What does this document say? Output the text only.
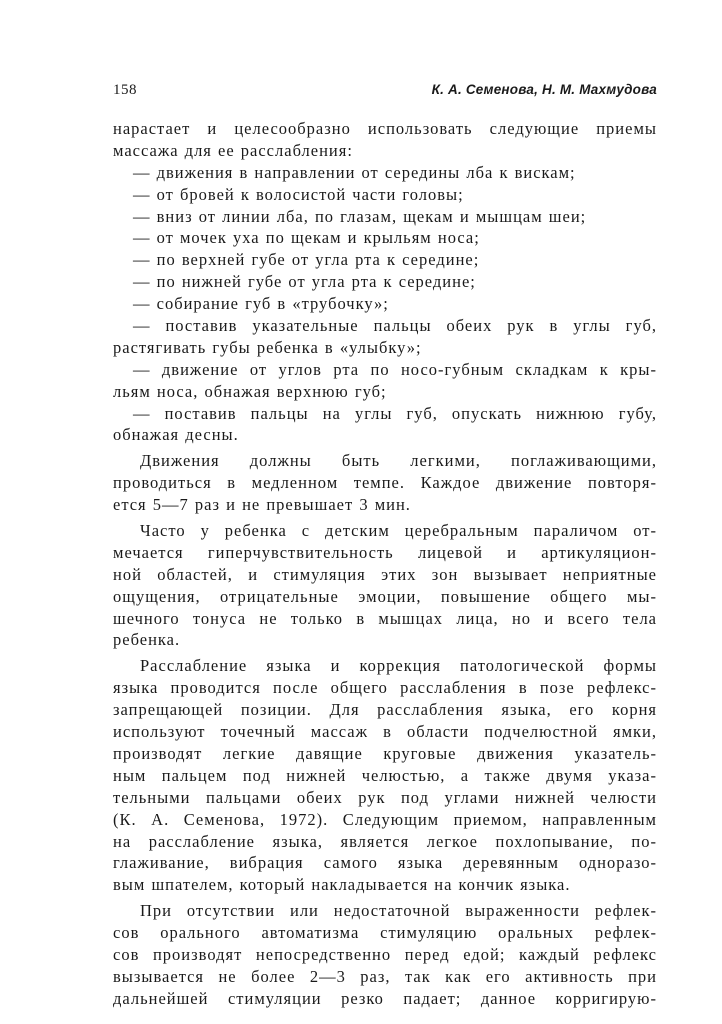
158	К. А. Семенова, Н. М. Махмудова
нарастает и целесообразно использовать следующие приемы
массажа для ее расслабления:
— движения в направлении от середины лба к вискам;
— от бровей к волосистой части головы;
— вниз от линии лба, по глазам, щекам и мышцам шеи;
— от мочек уха по щекам и крыльям носа;
— по верхней губе от угла рта к середине;
— по нижней губе от угла рта к середине;
— собирание губ в «трубочку»;
— поставив указательные пальцы обеих рук в углы губ,
растягивать губы ребенка в «улыбку»;
— движение от углов рта по носо-губным складкам к кры-
льям носа, обнажая верхнюю губ;
— поставив пальцы на углы губ, опускать нижнюю губу,
обнажая десны.
Движения должны быть легкими, поглаживающими,
проводиться в медленном темпе. Каждое движение повторя-
ется 5—7 раз и не превышает 3 мин.
Часто у ребенка с детским церебральным параличом от-
мечается гиперчувствительность лицевой и артикуляцион-
ной областей, и стимуляция этих зон вызывает неприятные
ощущения, отрицательные эмоции, повышение общего мы-
шечного тонуса не только в мышцах лица, но и всего тела
ребенка.
Расслабление языка и коррекция патологической формы
языка проводится после общего расслабления в позе рефлекс-
запрещающей позиции. Для расслабления языка, его корня
используют точечный массаж в области подчелюстной ямки,
производят легкие давящие круговые движения указатель-
ным пальцем под нижней челюстью, а также двумя указа-
тельными пальцами обеих рук под углами нижней челюсти
(К. А. Семенова, 1972). Следующим приемом, направленным
на расслабление языка, является легкое похлопывание, по-
глаживание, вибрация самого языка деревянным одноразо-
вым шпателем, который накладывается на кончик языка.
При отсутствии или недостаточной выраженности рефлек-
сов орального автоматизма стимуляцию оральных рефлек-
сов производят непосредственно перед едой; каждый рефлекс
вызывается не более 2—3 раз, так как его активность при
дальнейшей стимуляции резко падает; данное корригирую-
